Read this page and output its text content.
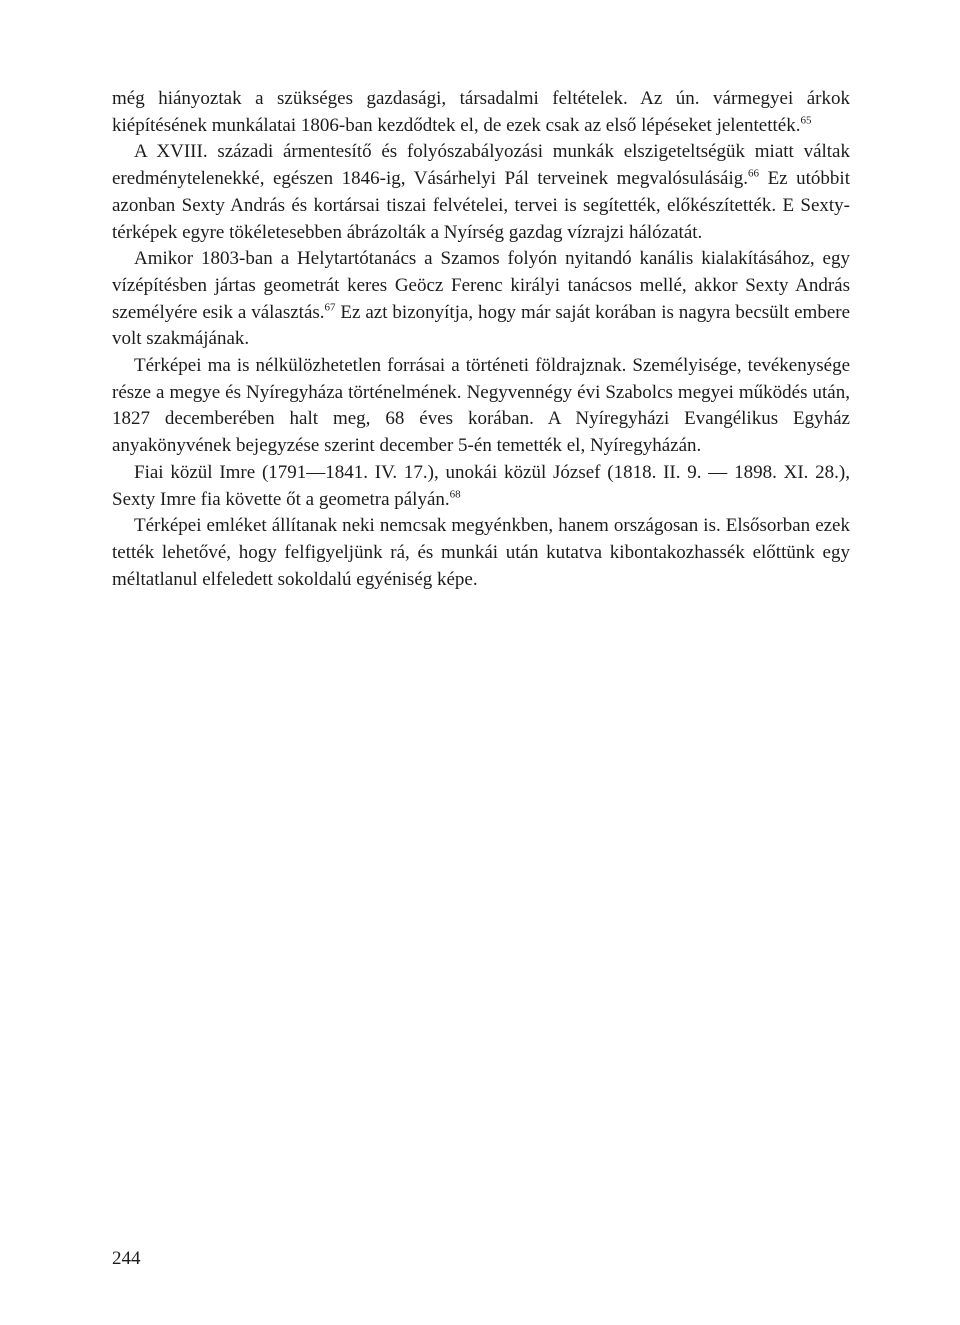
még hiányoztak a szükséges gazdasági, társadalmi feltételek. Az ún. vármegyei árkok kiépítésének munkálatai 1806-ban kezdődtek el, de ezek csak az első lépéseket jelentették.$^{65}$

A XVIII. századi ármentesítő és folyószabályozási munkák elszigeteltségük miatt váltak eredménytelenekké, egészen 1846-ig, Vásárhelyi Pál terveinek megvalósulásáig.$^{66}$ Ez utóbbit azonban Sexty András és kortársai tiszai felvételei, tervei is segítették, előkészítették. E Sexty-térképek egyre tökéletesebben ábrázolták a Nyírség gazdag vízrajzi hálózatát.

Amikor 1803-ban a Helytartótanács a Szamos folyón nyitandó kanális kialakításához, egy vízépítésben jártas geometrát keres Geöcz Ferenc királyi tanácsos mellé, akkor Sexty András személyére esik a választás.$^{67}$ Ez azt bizonyítja, hogy már saját korában is nagyra becsült embere volt szakmájának.

Térképei ma is nélkülözhetetlen forrásai a történeti földrajznak. Személyisége, tevékenysége része a megye és Nyíregyháza történelmének. Negyvennégy évi Szabolcs megyei működés után, 1827 decemberében halt meg, 68 éves korában. A Nyíregyházi Evangélikus Egyház anyakönyvének bejegyzése szerint december 5-én temették el, Nyíregyházán.

Fiai közül Imre (1791—1841. IV. 17.), unokái közül József (1818. II. 9. — 1898. XI. 28.), Sexty Imre fia követte őt a geometra pályán.$^{68}$

Térképei emléket állítanak neki nemcsak megyénkben, hanem országosan is. Elsősorban ezek tették lehetővé, hogy felfigyeljünk rá, és munkái után kutatva kibontakozhassék előttünk egy méltatlanul elfeledett sokoldalú egyéniség képe.

244
